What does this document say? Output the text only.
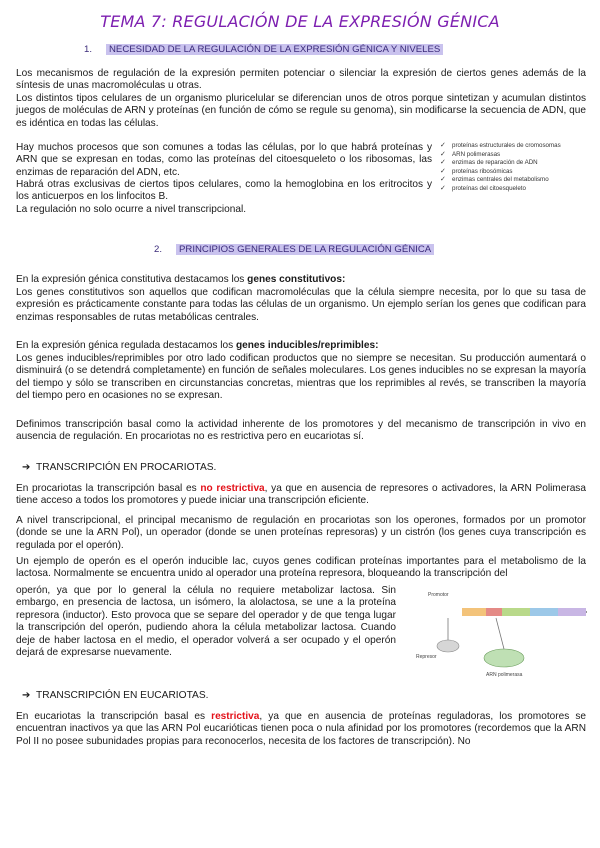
TEMA 7: REGULACIÓN DE LA EXPRESIÓN GÉNICA
1. NECESIDAD DE LA REGULACIÓN DE LA EXPRESIÓN GÉNICA Y NIVELES

Los mecanismos de regulación de la expresión permiten potenciar o silenciar la expresión de ciertos genes además de la síntesis de unas macromoléculas u otras.

Los distintos tipos celulares de un organismo pluricelular se diferencian unos de otros porque sintetizan y acumulan distintos juegos de moléculas de ARN y proteínas (en función de cómo se regule su genoma), sin modificarse la secuencia de ADN, que es idéntica en todas las células.

Hay muchos procesos que son comunes a todas las células, por lo que habrá proteínas y ARN que se expresan en todas, como las proteínas del citoesqueleto o los ribosomas, las enzimas de reparación del ADN, etc.

Habrá otras exclusivas de ciertos tipos celulares, como la hemoglobina en los eritrocitos y los anticuerpos en los linfocitos B.

La regulación no solo ocurre a nivel transcripcional.

✓ proteínas estructurales de cromosomas
✓ ARN polimerasas
✓ enzimas de reparación de ADN
✓ proteínas ribosómicas
✓ enzimas centrales del metabolismo
✓ proteínas del citoesqueleto
2. PRINCIPIOS GENERALES DE LA REGULACIÓN GÉNICA

En la expresión génica constitutiva destacamos los genes constitutivos:

Los genes constitutivos son aquellos que codifican macromoléculas que la célula siempre necesita, por lo que su tasa de expresión es prácticamente constante para todas las células de un organismo. Un ejemplo serían los genes que codifican para enzimas responsables de rutas metabólicas centrales.

En la expresión génica regulada destacamos los genes inducibles/reprimibles:

Los genes inducibles/reprimibles por otro lado codifican productos que no siempre se necesitan. Su producción aumentará o disminuirá (o se detendrá completamente) en función de señales moleculares. Los genes inducibles no se expresan la mayoría del tiempo y sólo se transcriben en circunstancias concretas, mientras que los reprimibles al revés, se transcriben la mayoría del tiempo pero en ocasiones no se expresan.

Definimos transcripción basal como la actividad inherente de los promotores y del mecanismo de transcripción in vivo en ausencia de regulación. En procariotas no es restrictiva pero en eucariotas sí.

➔ TRANSCRIPCIÓN EN PROCARIOTAS.

En procariotas la transcripción basal es no restrictiva, ya que en ausencia de represores o activadores, la ARN Polimerasa tiene acceso a todos los promotores y puede iniciar una transcripción eficiente.

A nivel transcripcional, el principal mecanismo de regulación en procariotas son los operones, formados por un promotor (donde se une la ARN Pol), un operador (donde se unen proteínas represoras) y un cistrón (los genes cuya transcripción es regulada por el operón).

Un ejemplo de operón es el operón inducible lac, cuyos genes codifican proteínas importantes para el metabolismo de la lactosa. Normalmente se encuentra unido al operador una proteína represora, bloqueando la transcripción del

operón, ya que por lo general la célula no requiere metabolizar lactosa. Sin embargo, en presencia de lactosa, un isómero, la alolactosa, se une a la proteína represora (inductor). Esto provoca que se separe del operador y de que tenga lugar la transcripción del operón, pudiendo ahora la célula metabolizar lactosa. Cuando deje de haber lactosa en el medio, el operador volverá a ser ocupado y el operón dejará de expresarse nuevamente.

Promotor
Represor
ARN polimerasa
➔ TRANSCRIPCIÓN EN EUCARIOTAS.

En eucariotas la transcripción basal es restrictiva, ya que en ausencia de proteínas reguladoras, los promotores se encuentran inactivos ya que las ARN Pol eucarióticas tienen poca o nula afinidad por los promotores (recordemos que la ARN Pol II no posee subunidades propias para reconocerlos, necesita de los factores de transcripción). No
